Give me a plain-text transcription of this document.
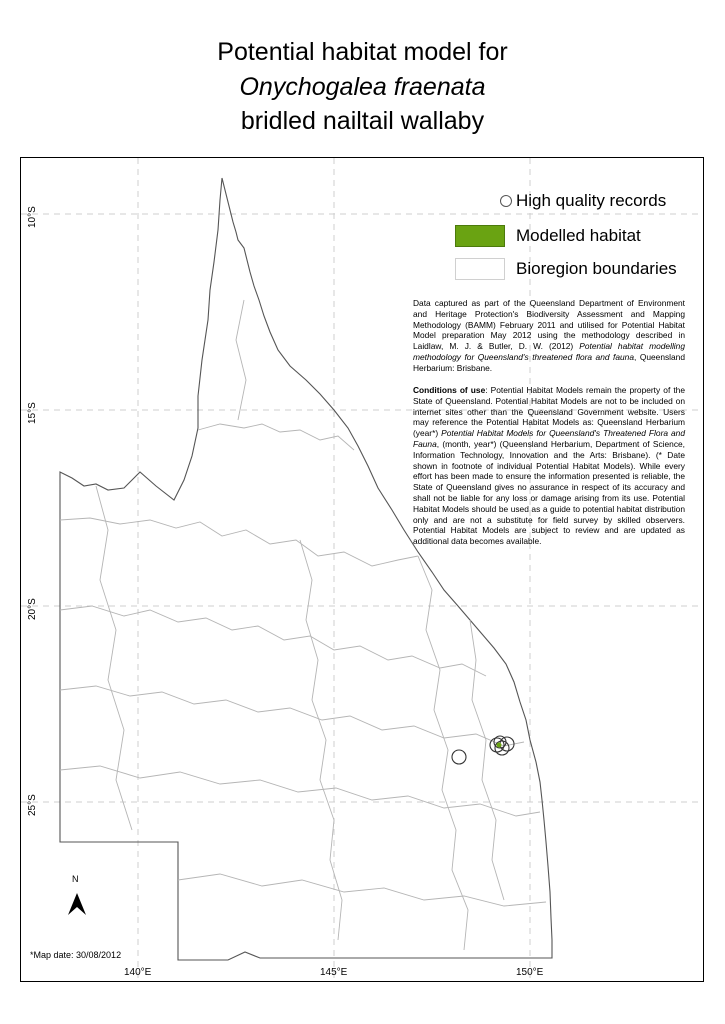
Potential habitat model for
Onychogalea fraenata
bridled nailtail wallaby
High quality records
Modelled habitat
Bioregion boundaries

Data captured as part of the Queensland Department of Environment and Heritage Protection's Biodiversity Assessment and Mapping Methodology (BAMM) February 2011 and utilised for Potential Habitat Model preparation May 2012 using the methodology described in Laidlaw, M. J. & Butler, D. W. (2012) Potential habitat modelling methodology for Queensland's threatened flora and fauna, Queensland Herbarium: Brisbane.

Conditions of use: Potential Habitat Models remain the property of the State of Queensland. Potential Habitat Models are not to be included on internet sites other than the Queensland Government website. Users may reference the Potential Habitat Models as: Queensland Herbarium (year*) Potential Habitat Models for Queensland's Threatened Flora and Fauna, (month, year*) (Queensland Herbarium, Department of Science, Information Technology, Innovation and the Arts: Brisbane). (* Date shown in footnote of individual Potential Habitat Models). While every effort has been made to ensure the information presented is reliable, the State of Queensland gives no assurance in respect of its accuracy and shall not be liable for any loss or damage arising from its use. Potential Habitat Models should be used as a guide to potential habitat distribution only and are not a substitute for field survey by skilled observers. Potential Habitat Models are subject to review and are updated as additional data becomes available.

10°S
15°S
20°S
25°S
140°E	145°E	150°E
N
*Map date: 30/08/2012
